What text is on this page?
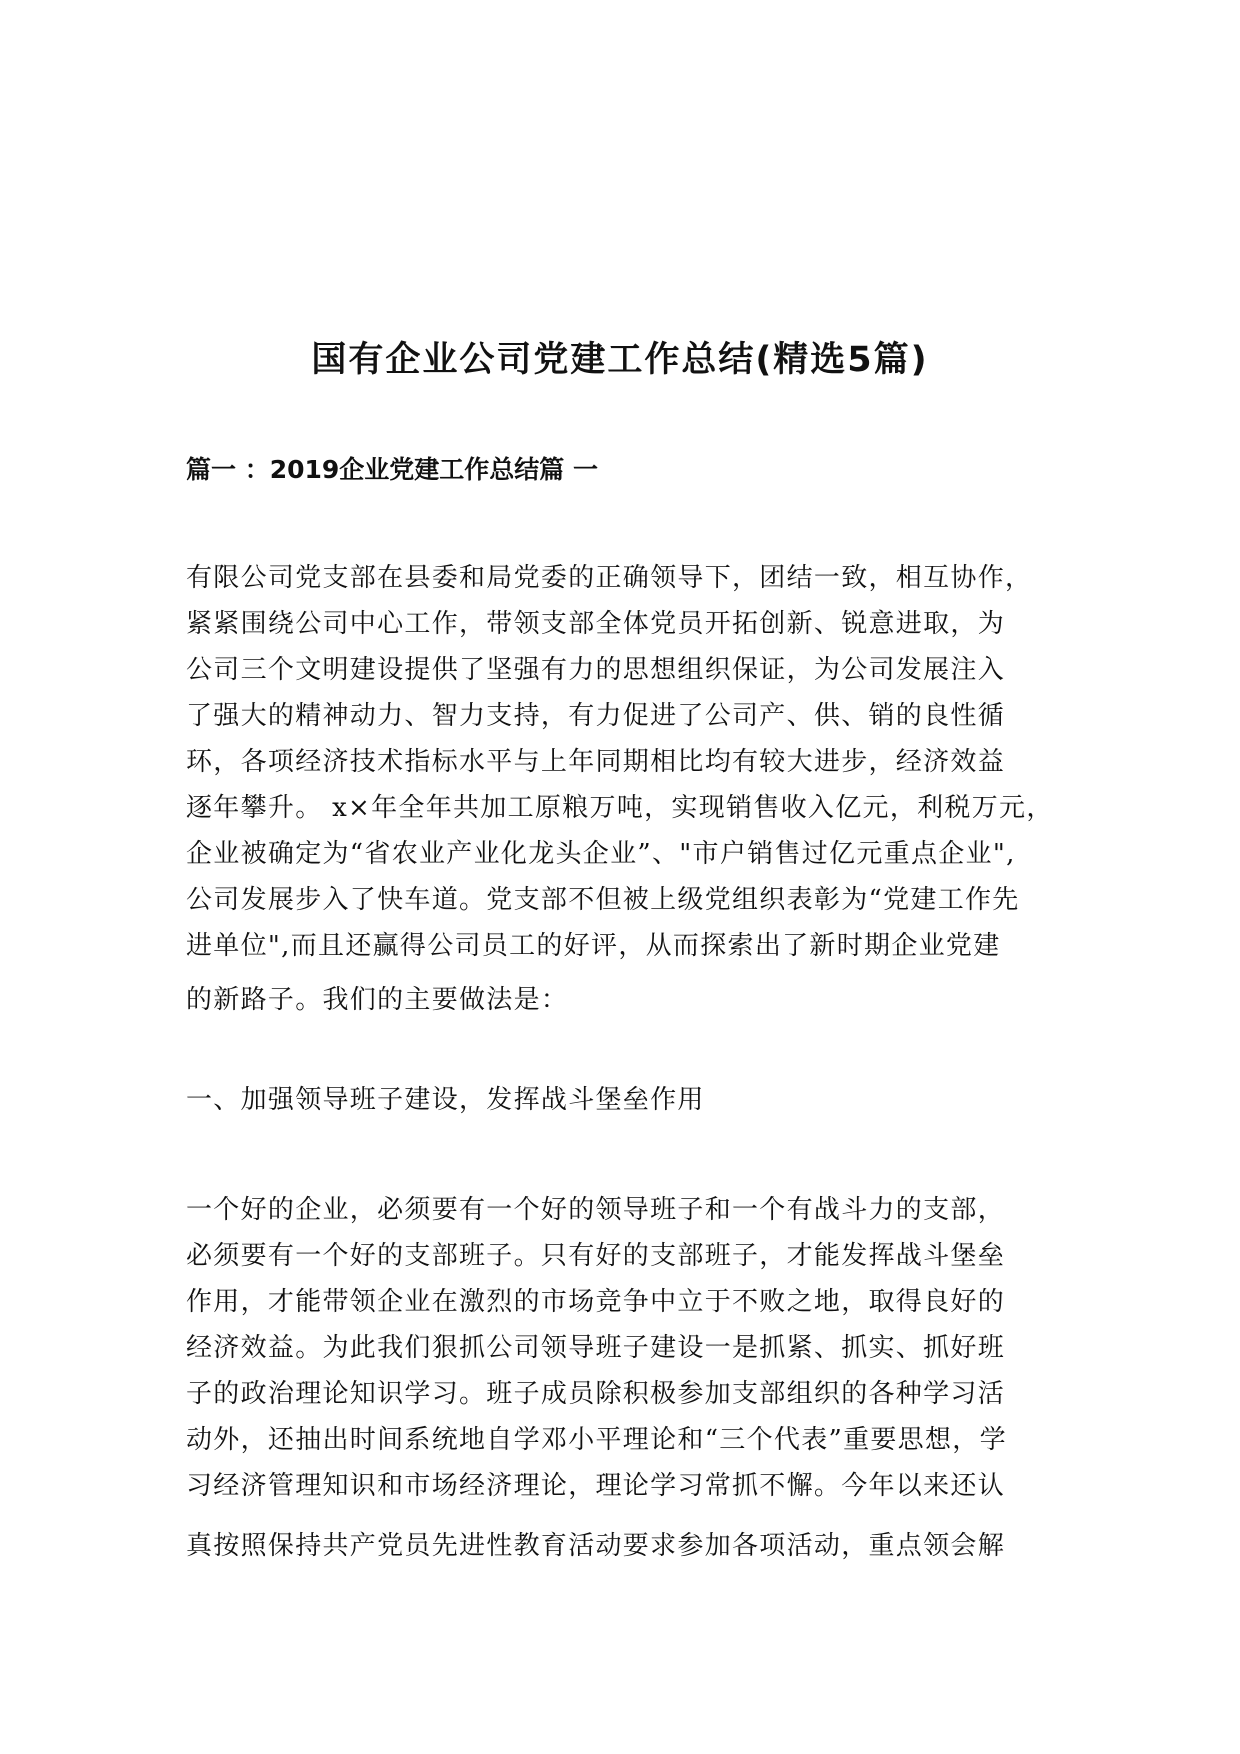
国有企业公司党建工作总结(精选5篇)
篇一 ：2019企业党建工作总结篇 一
有限公司党支部在县委和局党委的正确领导下，团结一致，相互协作，
紧紧围绕公司中心工作，带领支部全体党员开拓创新、锐意进取，为
公司三个文明建设提供了坚强有力的思想组织保证，为公司发展注入
了强大的精神动力、智力支持，有力促进了公司产、供、销的良性循
环，各项经济技术指标水平与上年同期相比均有较大进步，经济效益
逐年攀升。 x×年全年共加工原粮万吨，实现销售收入亿元，利税万元，
企业被确定为“省农业产业化龙头企业”、"市户销售过亿元重点企业",
公司发展步入了快车道。党支部不但被上级党组织表彰为“党建工作先
进单位",而且还赢得公司员工的好评，从而探索出了新时期企业党建
的新路子。我们的主要做法是：
一、加强领导班子建设，发挥战斗堡垒作用
一个好的企业，必须要有一个好的领导班子和一个有战斗力的支部，
必须要有一个好的支部班子。只有好的支部班子，才能发挥战斗堡垒
作用，才能带领企业在激烈的市场竞争中立于不败之地，取得良好的
经济效益。为此我们狠抓公司领导班子建设一是抓紧、抓实、抓好班
子的政治理论知识学习。班子成员除积极参加支部组织的各种学习活
动外，还抽出时间系统地自学邓小平理论和“三个代表”重要思想，学
习经济管理知识和市场经济理论，理论学习常抓不懈。今年以来还认
真按照保持共产党员先进性教育活动要求参加各项活动，重点领会解
